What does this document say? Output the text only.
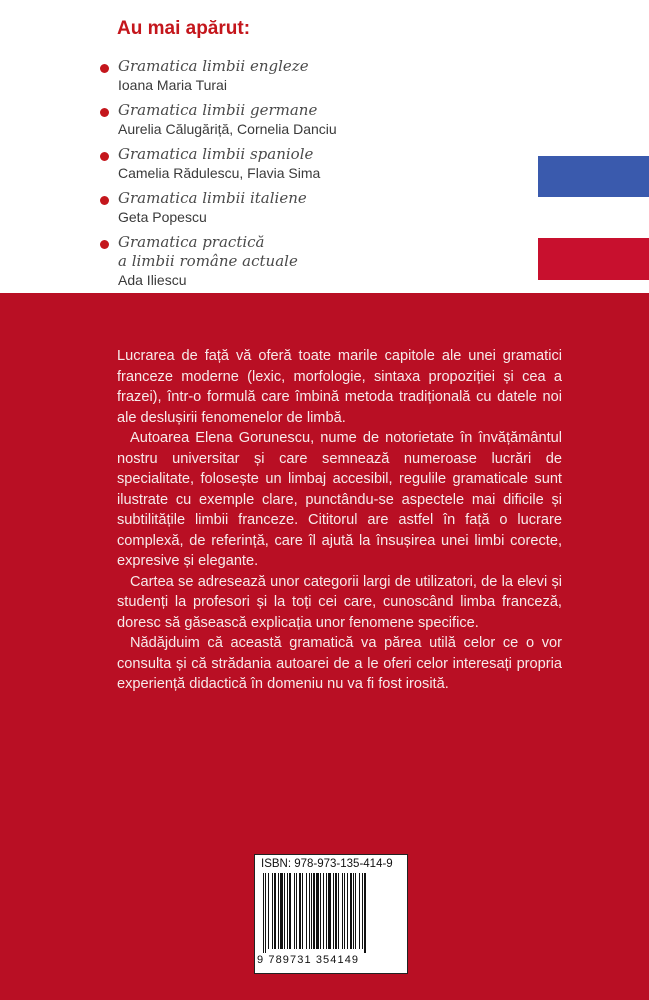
Au mai apărut:
Gramatica limbii engleze
Ioana Maria Turai
Gramatica limbii germane
Aurelia Călugăriță, Cornelia Danciu
Gramatica limbii spaniole
Camelia Rădulescu, Flavia Sima
Gramatica limbii italiene
Geta Popescu
Gramatica practică
a limbii române actuale
Ada Iliescu

Lucrarea de față vă oferă toate marile capitole ale unei gramatici franceze moderne (lexic, morfologie, sintaxa propoziției și cea a frazei), într-o formulă care îmbină metoda tradițională cu datele noi ale deslușirii fenomenelor de limbă.

Autoarea Elena Gorunescu, nume de notorietate în învățământul nostru universitar și care semnează numeroase lucrări de specialitate, folosește un limbaj accesibil, regulile gramaticale sunt ilustrate cu exemple clare, punctându-se aspectele mai dificile și subtilitățile limbii franceze. Cititorul are astfel în față o lucrare complexă, de referință, care îl ajută la însușirea unei limbi corecte, expresive și elegante.

Cartea se adresează unor categorii largi de utilizatori, de la elevi și studenți la profesori și la toți cei care, cunoscând limba franceză, doresc să găsească explicația unor fenomene specifice.

Nădăjduim că această gramatică va părea utilă celor ce o vor consulta și că strădania autoarei de a le oferi celor interesați propria experiență didactică în domeniu nu va fi fost irosită.

ISBN: 978-973-135-414-9
9 789731 354149
